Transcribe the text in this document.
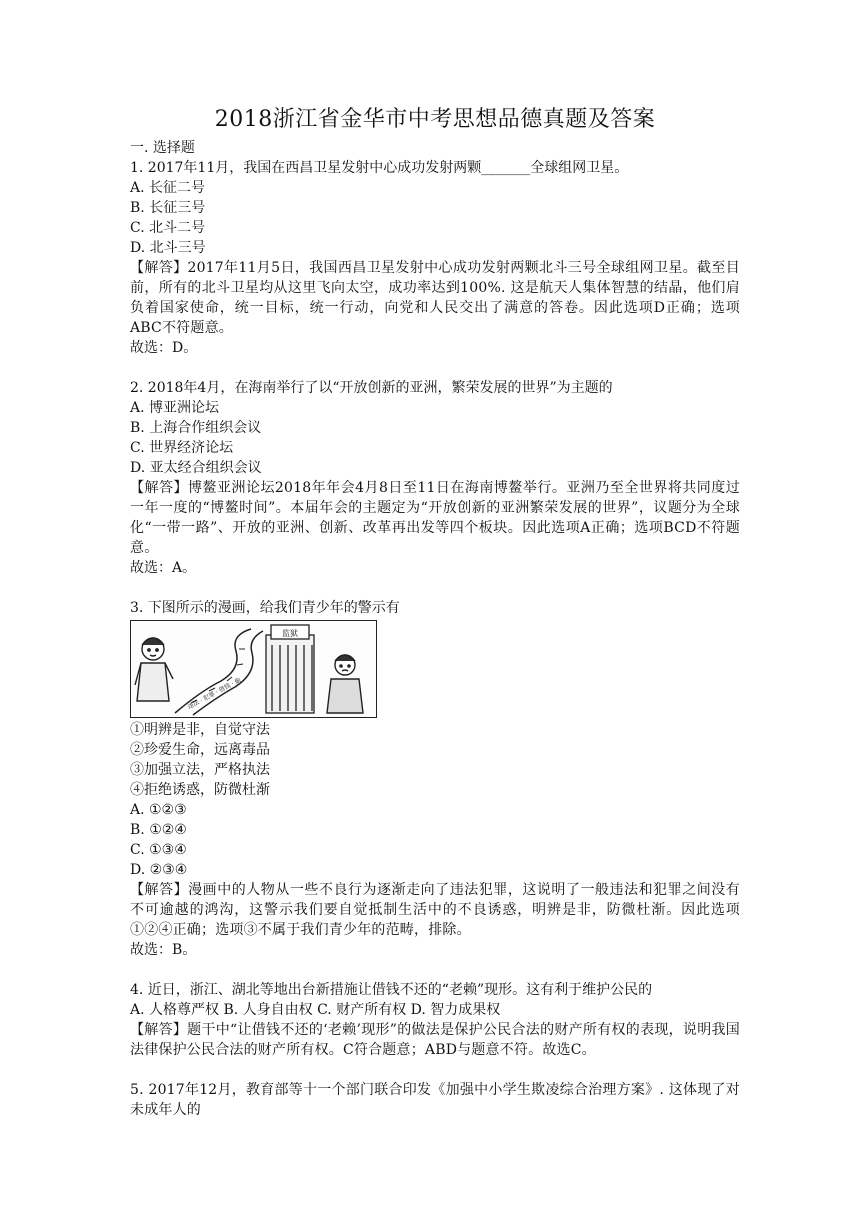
2018浙江省金华市中考思想品德真题及答案
一. 选择题
1. 2017年11月，我国在西昌卫星发射中心成功发射两颗_______全球组网卫星。
A. 长征二号
B. 长征三号
C. 北斗二号
D. 北斗三号
【解答】2017年11月5日，我国西昌卫星发射中心成功发射两颗北斗三号全球组网卫星。截至目前，所有的北斗卫星均从这里飞向太空，成功率达到100%. 这是航天人集体智慧的结晶，他们肩负着国家使命，统一目标，统一行动，向党和人民交出了满意的答卷。因此选项D正确；选项ABC不符题意。
故选：D。
2. 2018年4月，在海南举行了以“开放创新的亚洲，繁荣发展的世界”为主题的
A. 博亚洲论坛
B. 上海合作组织会议
C. 世界经济论坛
D. 亚太经合组织会议
【解答】博鳌亚洲论坛2018年年会4月8日至11日在海南博鳌举行。亚洲乃至全世界将共同度过一年一度的“博鳌时间”。本届年会的主题定为“开放创新的亚洲繁荣发展的世界”，议题分为全球化“一带一路”、开放的亚洲、创新、改革再出发等四个板块。因此选项A正确；选项BCD不符题意。
故选：A。
3. 下图所示的漫画，给我们青少年的警示有
违法 · 犯罪 · 借钱 · 偷
监狱
①明辨是非，自觉守法
②珍爱生命，远离毒品
③加强立法，严格执法
④拒绝诱惑，防微杜渐
A. ①②③
B. ①②④
C. ①③④
D. ②③④
【解答】漫画中的人物从一些不良行为逐渐走向了违法犯罪，这说明了一般违法和犯罪之间没有不可逾越的鸿沟，这警示我们要自觉抵制生活中的不良诱惑，明辨是非，防微杜渐。因此选项①②④正确；选项③不属于我们青少年的范畴，排除。
故选：B。
4. 近日，浙江、湖北等地出台新措施让借钱不还的“老赖”现形。这有利于维护公民的
A. 人格尊严权 B. 人身自由权 C. 财产所有权 D. 智力成果权
【解答】题干中“让借钱不还的‘老赖’现形”的做法是保护公民合法的财产所有权的表现，说明我国法律保护公民合法的财产所有权。C符合题意；ABD与题意不符。故选C。
5. 2017年12月，教育部等十一个部门联合印发《加强中小学生欺凌综合治理方案》. 这体现了对未成年人的
